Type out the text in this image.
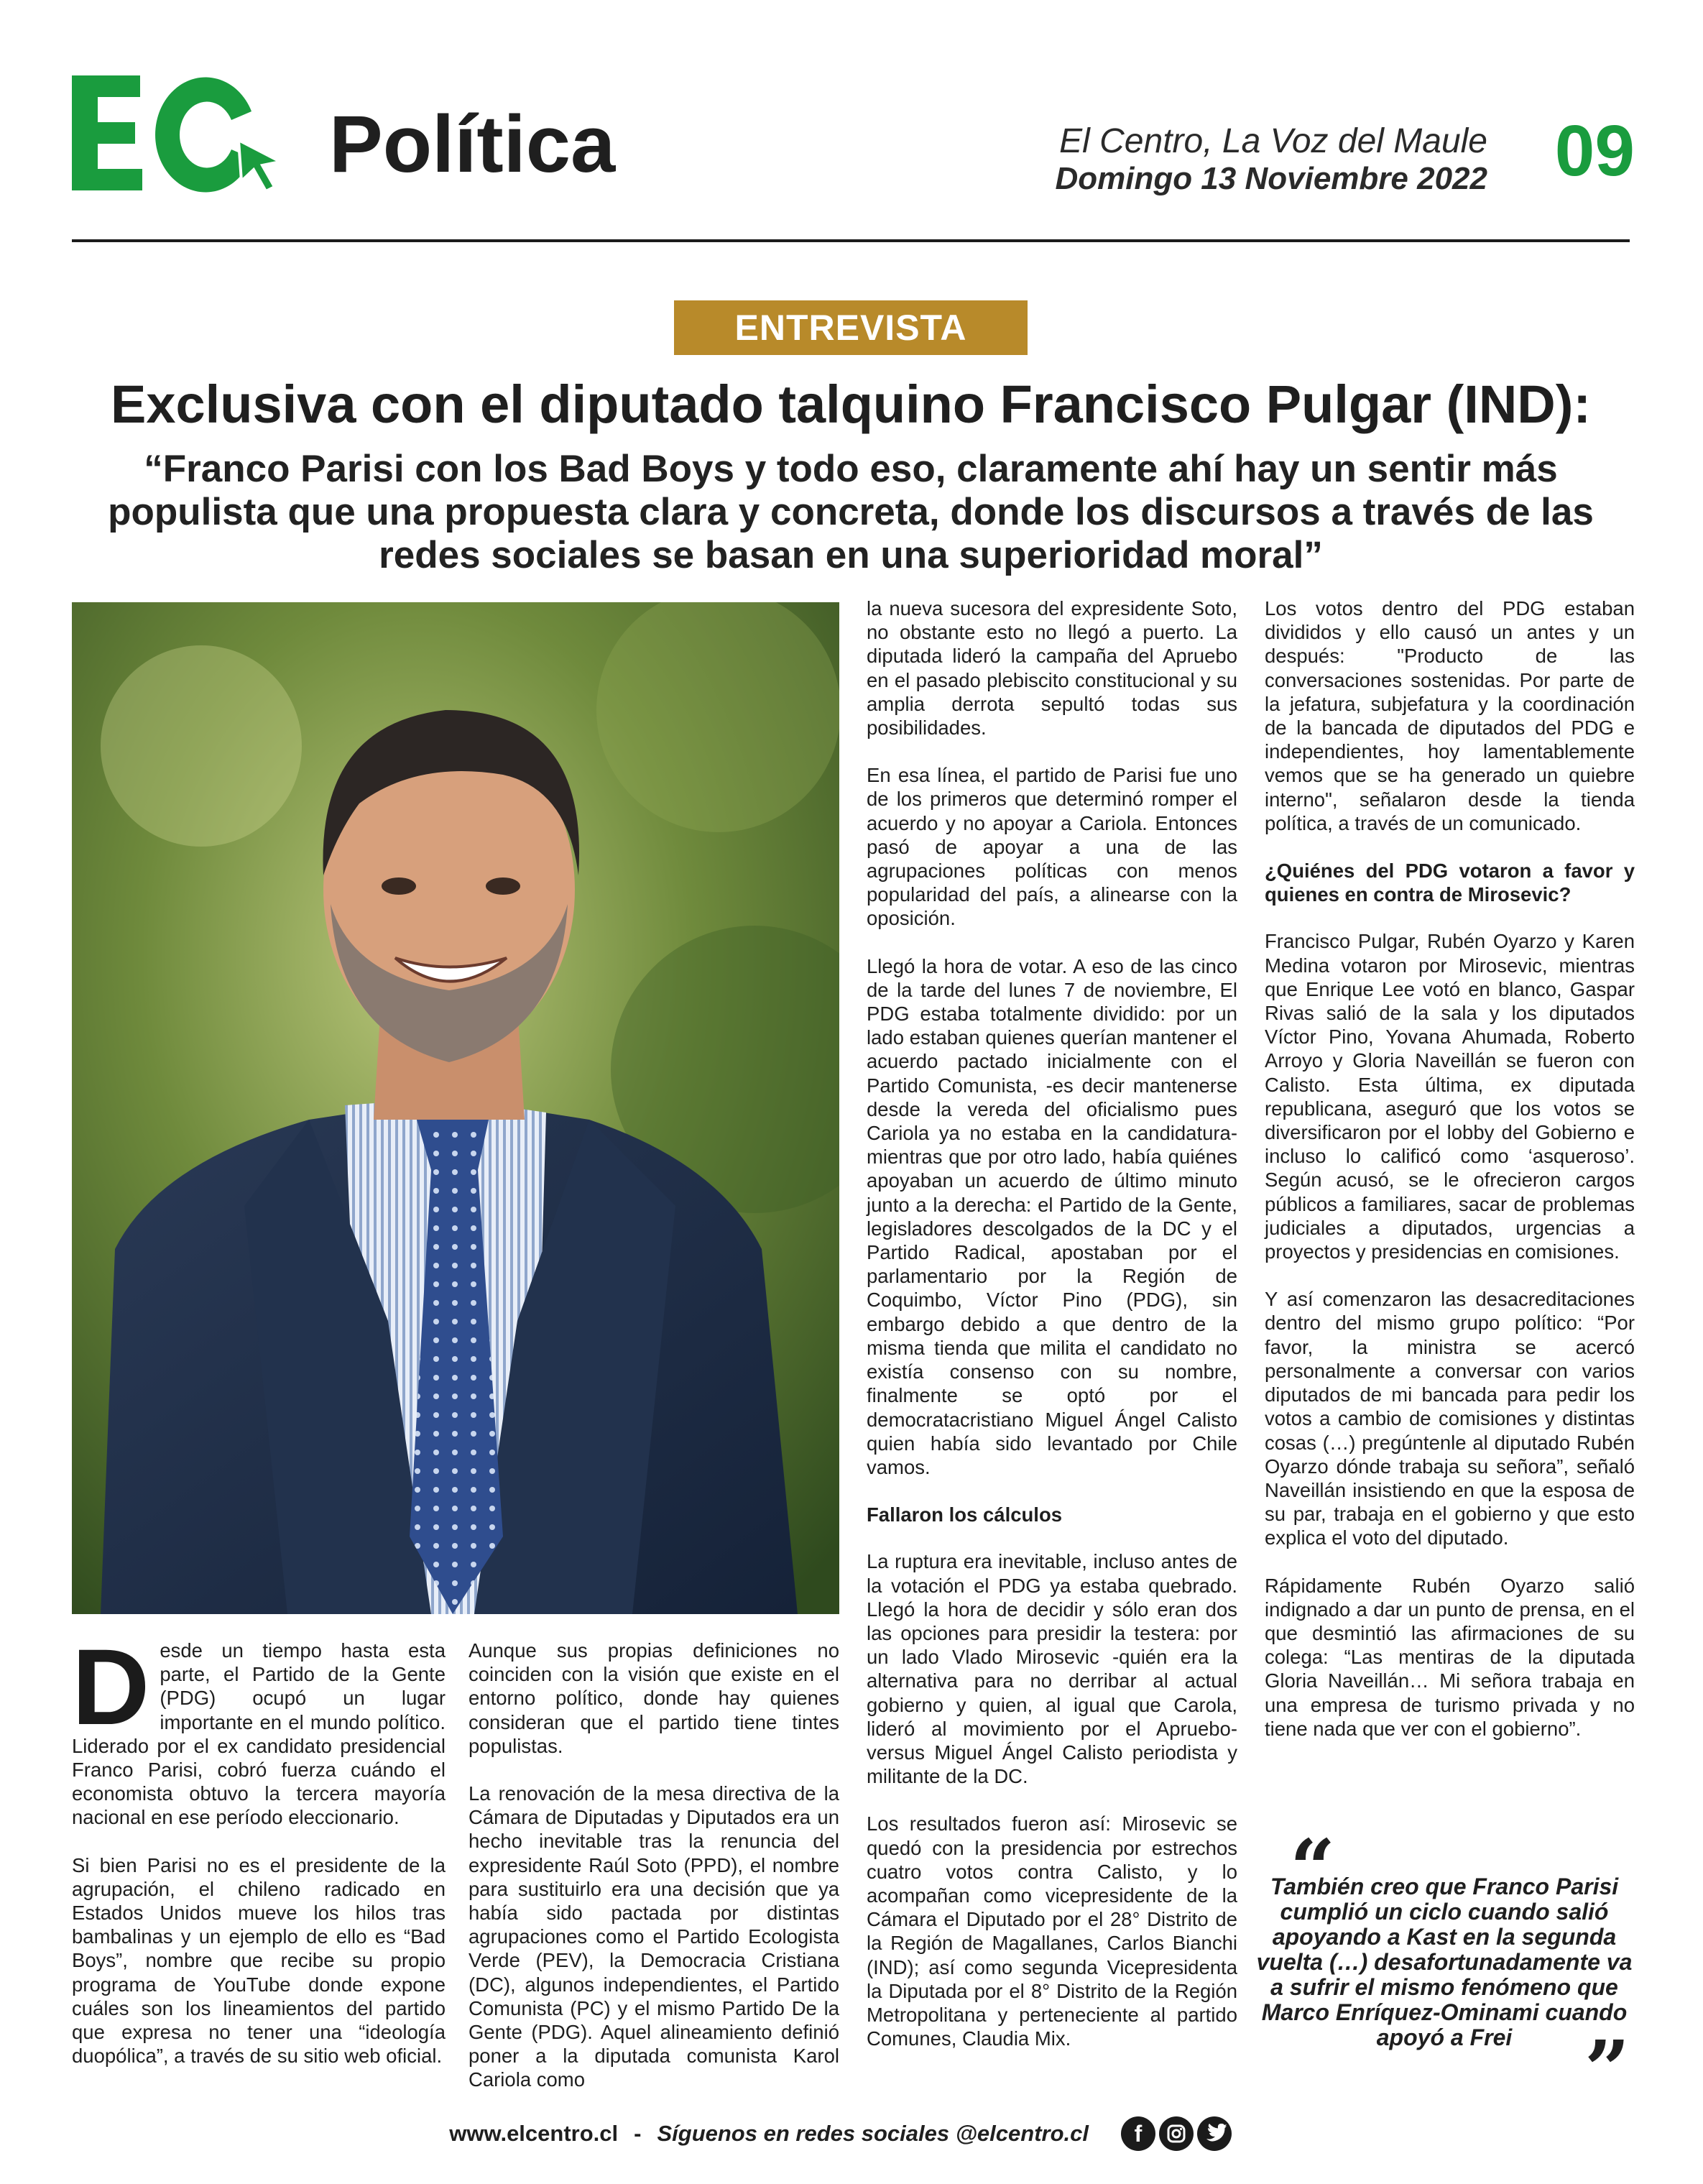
Política	El Centro, La Voz del Maule
Domingo 13 Noviembre 2022 09
ENTREVISTA
Exclusiva con el diputado talquino Francisco Pulgar (IND):
“Franco Parisi con los Bad Boys y todo eso, claramente ahí hay un sentir más populista que una propuesta clara y concreta, donde los discursos a través de las redes sociales se basan en una superioridad moral”

Desde un tiempo hasta esta parte, el Partido de la Gente (PDG) ocupó un lugar importante en el mundo político. Liderado por el ex candidato presidencial Franco Parisi, cobró fuerza cuándo el economista obtuvo la tercera mayoría nacional en ese período eleccionario.

Si bien Parisi no es el presidente de la agrupación, el chileno radicado en Estados Unidos mueve los hilos tras bambalinas y un ejemplo de ello es “Bad Boys”, nombre que recibe su propio programa de YouTube donde expone cuáles son los lineamientos del partido que expresa no tener una “ideología duopólica”, a través de su sitio web oficial.

Aunque sus propias definiciones no coinciden con la visión que existe en el entorno político, donde hay quienes consideran que el partido tiene tintes populistas.

La renovación de la mesa directiva de la Cámara de Diputadas y Diputados era un hecho inevitable tras la renuncia del expresidente Raúl Soto (PPD), el nombre para sustituirlo era una decisión que ya había sido pactada por distintas agrupaciones como el Partido Ecologista Verde (PEV), la Democracia Cristiana (DC), algunos independientes, el Partido Comunista (PC) y el mismo Partido De la Gente (PDG). Aquel alineamiento definió poner a la diputada comunista Karol Cariola como

la nueva sucesora del expresidente Soto, no obstante esto no llegó a puerto. La diputada lideró la campaña del Apruebo en el pasado plebiscito constitucional y su amplia derrota sepultó todas sus posibilidades.

En esa línea, el partido de Parisi fue uno de los primeros que determinó romper el acuerdo y no apoyar a Cariola. Entonces pasó de apoyar a una de las agrupaciones políticas con menos popularidad del país, a alinearse con la oposición.

Llegó la hora de votar. A eso de las cinco de la tarde del lunes 7 de noviembre, El PDG estaba totalmente dividido: por un lado estaban quienes querían mantener el acuerdo pactado inicialmente con el Partido Comunista, -es decir mantenerse desde la vereda del oficialismo pues Cariola ya no estaba en la candidatura- mientras que por otro lado, había quiénes apoyaban un acuerdo de último minuto junto a la derecha: el Partido de la Gente, legisladores descolgados de la DC y el Partido Radical, apostaban por el parlamentario por la Región de Coquimbo, Víctor Pino (PDG), sin embargo debido a que dentro de la misma tienda que milita el candidato no existía consenso con su nombre, finalmente se optó por el democratacristiano Miguel Ángel Calisto quien había sido levantado por Chile vamos.

Fallaron los cálculos

La ruptura era inevitable, incluso antes de la votación el PDG ya estaba quebrado. Llegó la hora de decidir y sólo eran dos las opciones para presidir la testera: por un lado Vlado Mirosevic -quién era la alternativa para no derribar al actual gobierno y quien, al igual que Carola, lideró al movimiento por el Apruebo- versus Miguel Ángel Calisto periodista y militante de la DC.

Los resultados fueron así: Mirosevic se quedó con la presidencia por estrechos cuatro votos contra Calisto, y lo acompañan como vicepresidente de la Cámara el Diputado por el 28° Distrito de la Región de Magallanes, Carlos Bianchi (IND); así como segunda Vicepresidenta la Diputada por el 8° Distrito de la Región Metropolitana y perteneciente al partido Comunes, Claudia Mix.

Los votos dentro del PDG estaban divididos y ello causó un antes y un después: "Producto de las conversaciones sostenidas. Por parte de la jefatura, subjefatura y la coordinación de la bancada de diputados del PDG e independientes, hoy lamentablemente vemos que se ha generado un quiebre interno", señalaron desde la tienda política, a través de un comunicado.

¿Quiénes del PDG votaron a favor y quienes en contra de Mirosevic?

Francisco Pulgar, Rubén Oyarzo y Karen Medina votaron por Mirosevic, mientras que Enrique Lee votó en blanco, Gaspar Rivas salió de la sala y los diputados Víctor Pino, Yovana Ahumada, Roberto Arroyo y Gloria Naveillán se fueron con Calisto. Esta última, ex diputada republicana, aseguró que los votos se diversificaron por el lobby del Gobierno e incluso lo calificó como ‘asqueroso’. Según acusó, se le ofrecieron cargos públicos a familiares, sacar de problemas judiciales a diputados, urgencias a proyectos y presidencias en comisiones.

Y así comenzaron las desacreditaciones dentro del mismo grupo político: “Por favor, la ministra se acercó personalmente a conversar con varios diputados de mi bancada para pedir los votos a cambio de comisiones y distintas cosas (…) pregúntenle al diputado Rubén Oyarzo dónde trabaja su señora”, señaló Naveillán insistiendo en que la esposa de su par, trabaja en el gobierno y que esto explica el voto del diputado.

Rápidamente Rubén Oyarzo salió indignado a dar un punto de prensa, en el que desmintió las afirmaciones de su colega: “Las mentiras de la diputada Gloria Naveillán… Mi señora trabaja en una empresa de turismo privada y no tiene nada que ver con el gobierno”.

“
También creo que Franco Parisi cumplió un ciclo cuando salió apoyando a Kast en la segunda vuelta (…) desafortunadamente va a sufrir el mismo fenómeno que Marco Enríquez-Ominami cuando apoyó a Frei ”
www.elcentro.cl - Síguenos en redes sociales @elcentro.cl	f
